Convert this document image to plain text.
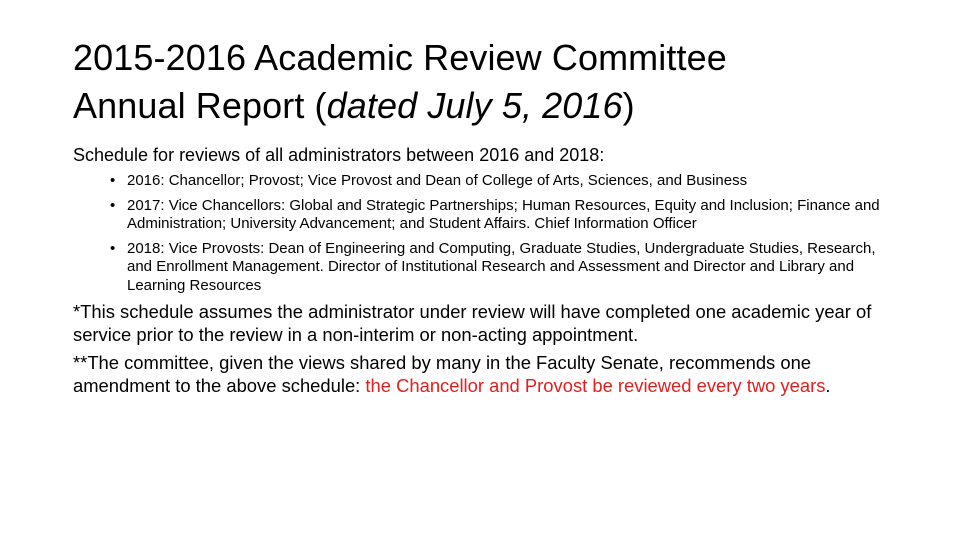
2015-2016 Academic Review Committee
Annual Report (dated July 5, 2016)

Schedule for reviews of all administrators between 2016 and 2018:

• 2016: Chancellor; Provost; Vice Provost and Dean of College of Arts, Sciences, and Business
• 2017: Vice Chancellors: Global and Strategic Partnerships; Human Resources, Equity and Inclusion; Finance and Administration; University Advancement; and Student Affairs. Chief Information Officer
• 2018: Vice Provosts: Dean of Engineering and Computing, Graduate Studies, Undergraduate Studies, Research, and Enrollment Management. Director of Institutional Research and Assessment and Director and Library and Learning Resources

*This schedule assumes the administrator under review will have completed one academic year of service prior to the review in a non-interim or non-acting appointment.

**The committee, given the views shared by many in the Faculty Senate, recommends one amendment to the above schedule: the Chancellor and Provost be reviewed every two years.
